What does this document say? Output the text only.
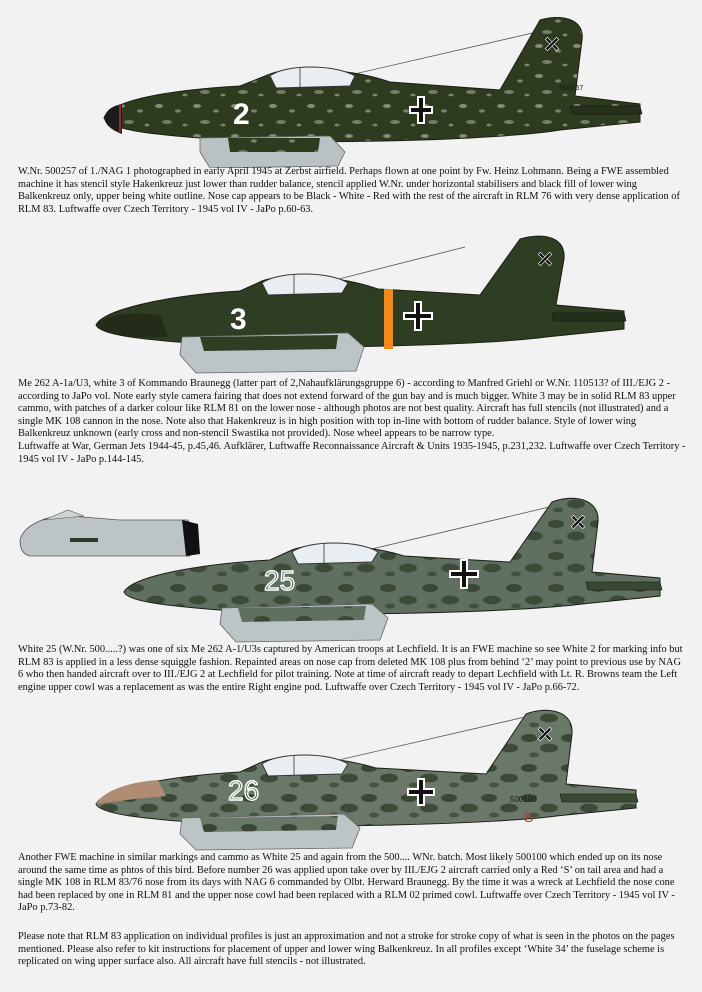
2
500257

W.Nr. 500257 of 1./NAG 1 photographed in early April 1945 at Zerbst airfield. Perhaps flown at one point by Fw. Heinz Lohmann. Being a FWE assembled machine it has stencil style Hakenkreuz just lower than rudder balance, stencil applied W.Nr. under horizontal stabilisers and black fill of lower wing Balkenkreuz only, upper being white outline. Nose cap appears to be Black - White - Red with the rest of the aircraft in RLM 76 with very dense application of RLM 83. Luftwaffe over Czech Territory - 1945 vol IV - JaPo p.60-63.

3

Me 262 A-1a/U3, white 3 of Kommando Braunegg (latter part of 2,Nahaufklärungsgruppe 6) - according to Manfred Griehl or W.Nr. 110513? of III./EJG 2 - according to JaPo vol. Note early style camera fairing that does not extend forward of the gun bay and is much bigger. White 3 may be in solid RLM 83 upper cammo, with patches of a darker colour like RLM 81 on the lower nose - although photos are not best quality. Aircraft has full stencils (not illustrated) and a single MK 108 cannon in the nose. Note also that Hakenkreuz is in high position with top in-line with bottom of rudder balance. Style of lower wing Balkenkreuz unknown (early cross and non-stencil Swastika not provided). Nose wheel appears to be narrow type.

Luftwaffe at War, German Jets 1944-45, p.45,46. Aufklärer, Luftwaffe Reconnaissance Aircraft & Units 1935-1945, p.231,232. Luftwaffe over Czech Territory - 1945 vol IV - JaPo p.144-145.

25

White 25 (W.Nr. 500.....?) was one of six Me 262 A-1/U3s captured by American troops at Lechfield. It is an FWE machine so see White 2 for marking info but RLM 83 is applied in a less dense squiggle fashion. Repainted areas on nose cap from deleted MK 108 plus from behind ‘2’ may point to previous use by NAG 6 who then handed aircraft over to III./EJG 2 at Lechfield for pilot training. Note at time of aircraft ready to depart Lechfield with Lt. R. Browns team the Left engine upper cowl was a replacement as was the entire Right engine pod. Luftwaffe over Czech Territory - 1945 vol IV - JaPo p.66-72.

26	500100
S

Another FWE machine in similar markings and cammo as White 25 and again from the 500.... WNr. batch. Most likely 500100 which ended up on its nose around the same time as phtos of this bird. Before number 26 was applied upon take over by III./EJG 2 aircraft carried only a Red ‘S’ on tail area and had a single MK 108 in RLM 83/76 nose from its days with NAG 6 commanded by Olbt. Herward Braunegg. By the time it was a wreck at Lechfield the nose cone had been replaced by one in RLM 81 and the upper nose cowl had been replaced with a RLM 02 primed cowl. Luftwaffe over Czech Territory - 1945 vol IV - JaPo p.73-82.

Please note that RLM 83 application on individual profiles is just an approximation and not a stroke for stroke copy of what is seen in the photos on the pages mentioned. Please also refer to kit instructions for placement of upper and lower wing Balkenkreuz. In all profiles except ‘White 34’ the fuselage scheme is replicated on wing upper surface also. All aircraft have full stencils - not illustrated.
